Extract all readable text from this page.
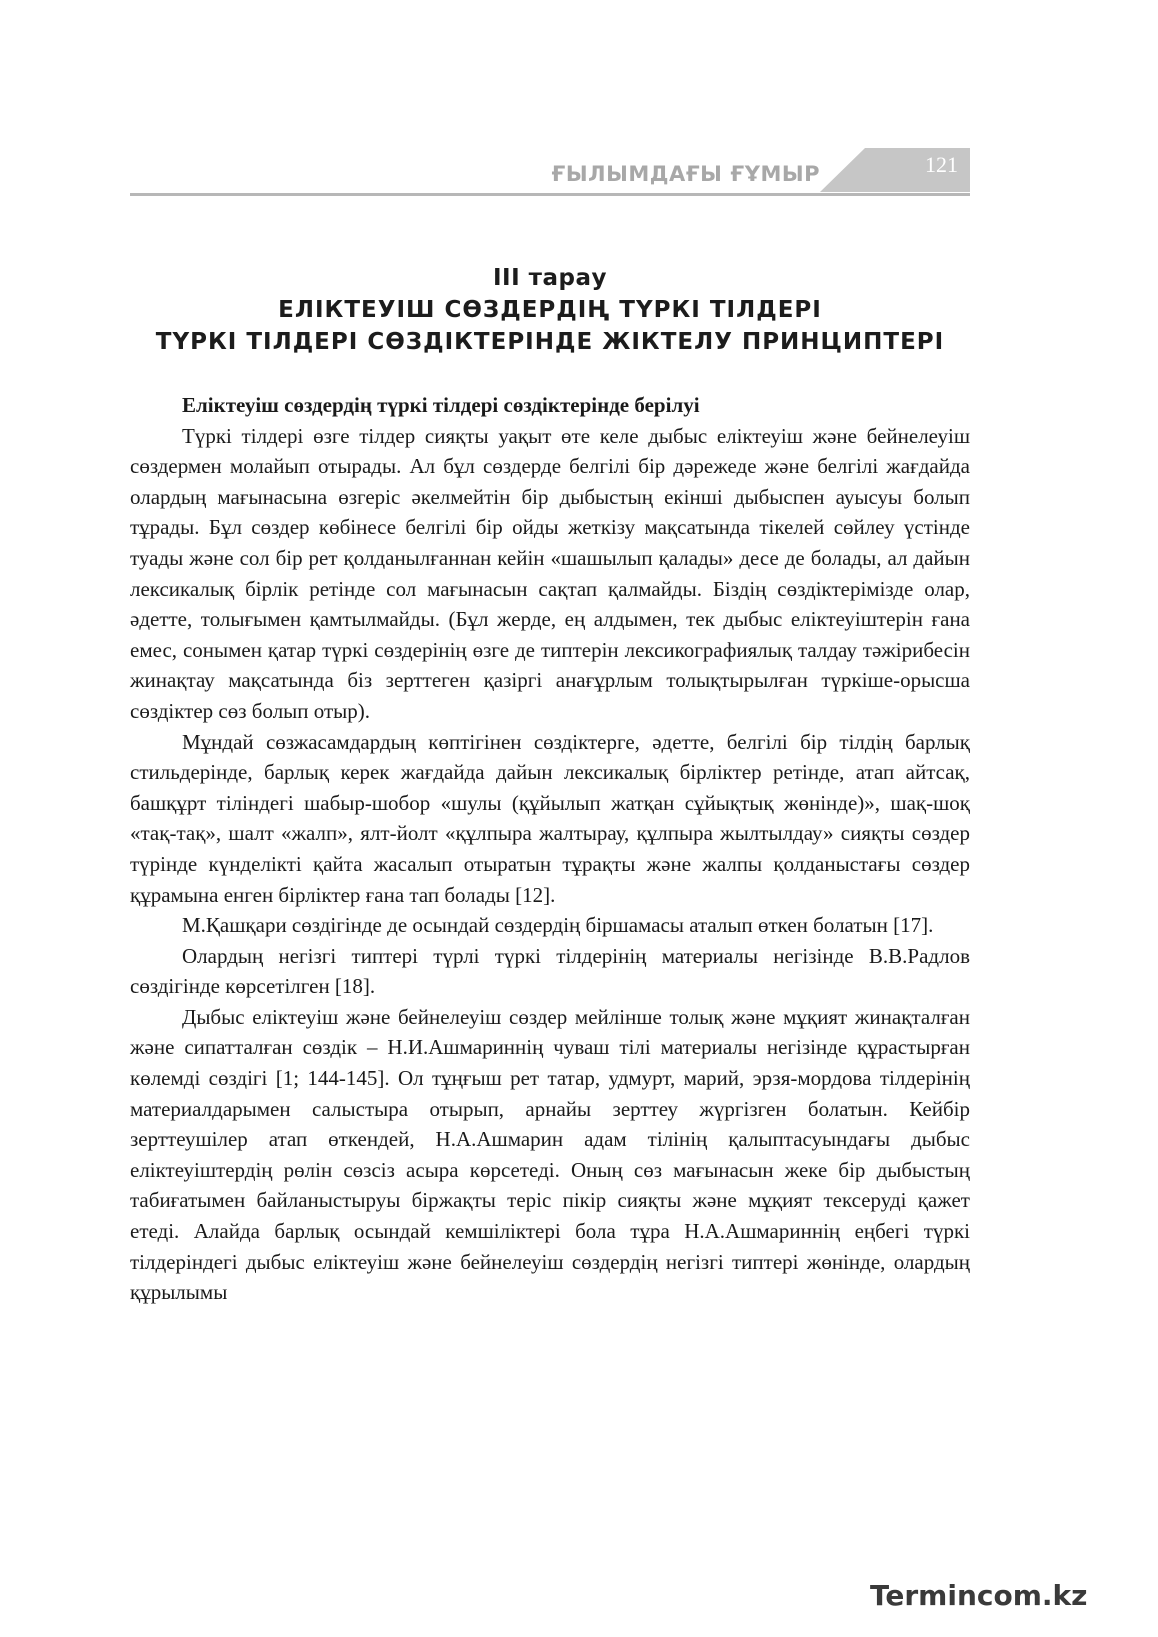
ҒЫЛЫМДАҒЫ ҒҰМЫР	121
ІІІ тарау
ЕЛІКТЕУІШ СӨЗДЕРДІҢ ТҮРКІ ТІЛДЕРІ
ТҮРКІ ТІЛДЕРІ СӨЗДІКТЕРІНДЕ ЖІКТЕЛУ ПРИНЦИПТЕРІ

Еліктеуіш сөздердің түркі тілдері сөздіктерінде берілуі

Түркі тілдері өзге тілдер сияқты уақыт өте келе дыбыс еліктеуіш және бейнелеуіш сөздермен молайып отырады. Ал бұл сөздерде белгілі бір дәрежеде және белгілі жағдайда олардың мағынасына өзгеріс әкелмейтін бір дыбыстың екінші дыбыспен ауысуы болып тұрады. Бұл сөздер көбінесе белгілі бір ойды жеткізу мақсатында тікелей сөйлеу үстінде туады және сол бір рет қолданылғаннан кейін «шашылып қалады» десе де болады, ал дайын лексикалық бірлік ретінде сол мағынасын сақтап қалмайды. Біздің сөздіктерімізде олар, әдетте, толығымен қамтылмайды. (Бұл жерде, ең алдымен, тек дыбыс еліктеуіштерін ғана емес, сонымен қатар түркі сөздерінің өзге де типтерін лексикографиялық талдау тәжірибесін жинақтау мақсатында біз зерттеген қазіргі анағұрлым толықтырылған түркіше-орысша сөздіктер сөз болып отыр).

Мұндай сөзжасамдардың көптігінен сөздіктерге, әдетте, белгілі бір тілдің барлық стильдерінде, барлық керек жағдайда дайын лексикалық бірліктер ретінде, атап айтсақ, башқұрт тіліндегі шабыр-шобор «шулы (құйылып жатқан сұйықтық жөнінде)», шақ-шоқ «тақ-тақ», шалт «жалп», ялт-йолт «құлпыра жалтырау, құлпыра жылтылдау» сияқты сөздер түрінде күнделікті қайта жасалып отыратын тұрақты және жалпы қолданыстағы сөздер құрамына енген бірліктер ғана тап болады [12].

М.Қашқари сөздігінде де осындай сөздердің біршамасы аталып өткен болатын [17].

Олардың негізгі типтері түрлі түркі тілдерінің материалы негізінде В.В.Радлов сөздігінде көрсетілген [18].

Дыбыс еліктеуіш және бейнелеуіш сөздер мейлінше толық және мұқият жинақталған және сипатталған сөздік – Н.И.Ашмариннің чуваш тілі материалы негізінде құрастырған көлемді сөздігі [1; 144-145]. Ол тұңғыш рет татар, удмурт, марий, эрзя-мордова тілдерінің материалдарымен салыстыра отырып, арнайы зерттеу жүргізген болатын. Кейбір зерттеушілер атап өткендей, Н.А.Ашмарин адам тілінің қалыптасуындағы дыбыс еліктеуіштердің рөлін сөзсіз асыра көрсетеді. Оның сөз мағынасын жеке бір дыбыстың табиғатымен байланыстыруы біржақты теріс пікір сияқты және мұқият тексеруді қажет етеді. Алайда барлық осындай кемшіліктері бола тұра Н.А.Ашмариннің еңбегі түркі тілдеріндегі дыбыс еліктеуіш және бейнелеуіш сөздердің негізгі типтері жөнінде, олардың құрылымы

Termincom.kz
